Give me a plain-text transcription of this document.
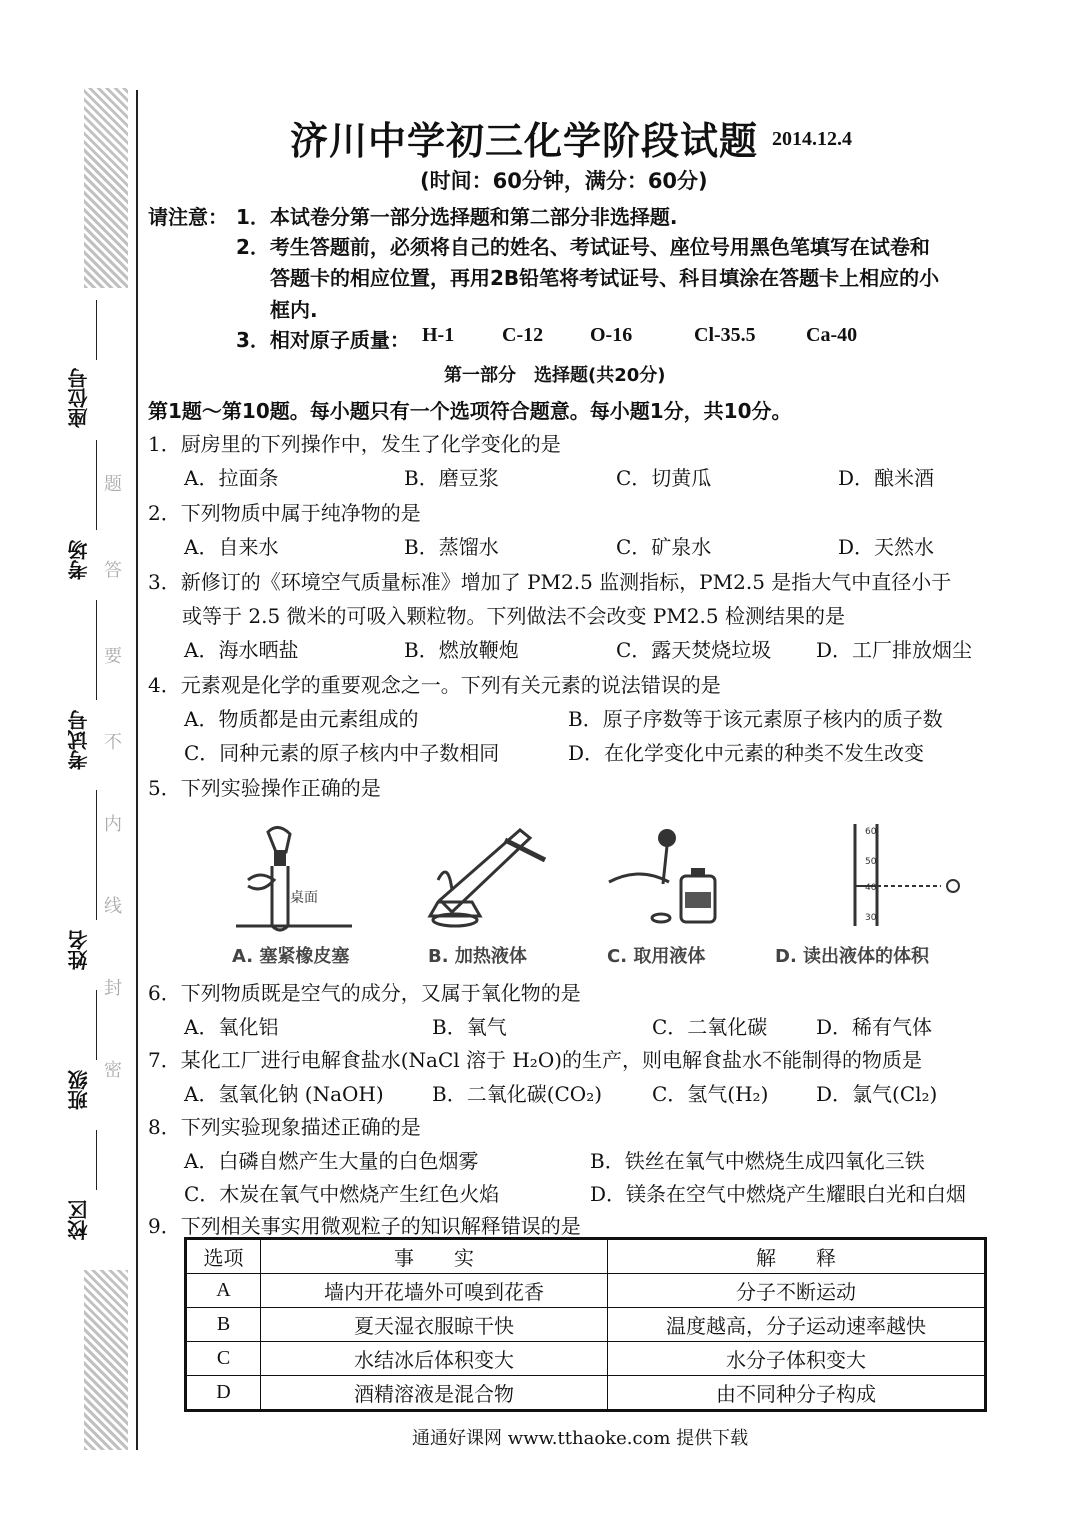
座位号
考场
考试号
姓名
班级
校区
题
答
要
不
内
线
封
密
济川中学初三化学阶段试题 2014.12.4
(时间：60分钟，满分：60分)
请注意： 1．本试卷分第一部分选择题和第二部分非选择题.
2．考生答题前，必须将自己的姓名、考试证号、座位号用黑色笔填写在试卷和
答题卡的相应位置，再用2B铅笔将考试证号、科目填涂在答题卡上相应的小
框内.
3．相对原子质量： H-1 C-12 O-16	Cl-35.5	Ca-40
第一部分　选择题(共20分)
第1题～第10题。每小题只有一个选项符合题意。每小题1分，共10分。
1．厨房里的下列操作中，发生了化学变化的是
A．拉面条	B．磨豆浆	C．切黄瓜	D．酿米酒
2．下列物质中属于纯净物的是
A．自来水	B．蒸馏水	C．矿泉水	D．天然水
3．新修订的《环境空气质量标准》增加了 PM2.5 监测指标，PM2.5 是指大气中直径小于
或等于 2.5 微米的可吸入颗粒物。下列做法不会改变 PM2.5 检测结果的是
A．海水晒盐	B．燃放鞭炮	C．露天焚烧垃圾 D．工厂排放烟尘
4．元素观是化学的重要观念之一。下列有关元素的说法错误的是
A．物质都是由元素组成的	B．原子序数等于该元素原子核内的质子数
C．同种元素的原子核内中子数相同	D．在化学变化中元素的种类不发生改变
5．下列实验操作正确的是
桌面
60
50
40
30
A. 塞紧橡皮塞	B. 加热液体	C. 取用液体	D. 读出液体的体积
6．下列物质既是空气的成分，又属于氧化物的是
A．氧化铝	B．氧气	C．二氧化碳 D．稀有气体
7．某化工厂进行电解食盐水(NaCl 溶于 H₂O)的生产，则电解食盐水不能制得的物质是
A．氢氧化钠 (NaOH) B．二氧化碳(CO₂) C．氢气(H₂) D．氯气(Cl₂)
8．下列实验现象描述正确的是
A．白磷自燃产生大量的白色烟雾	B．铁丝在氧气中燃烧生成四氧化三铁
C．木炭在氧气中燃烧产生红色火焰	D．镁条在空气中燃烧产生耀眼白光和白烟
9．下列相关事实用微观粒子的知识解释错误的是
选项	事　　实	解　　释
A	墙内开花墙外可嗅到花香	分子不断运动
B	夏天湿衣服晾干快	温度越高，分子运动速率越快
C	水结冰后体积变大	水分子体积变大
D	酒精溶液是混合物	由不同种分子构成
通通好课网 www.tthaoke.com 提供下载
